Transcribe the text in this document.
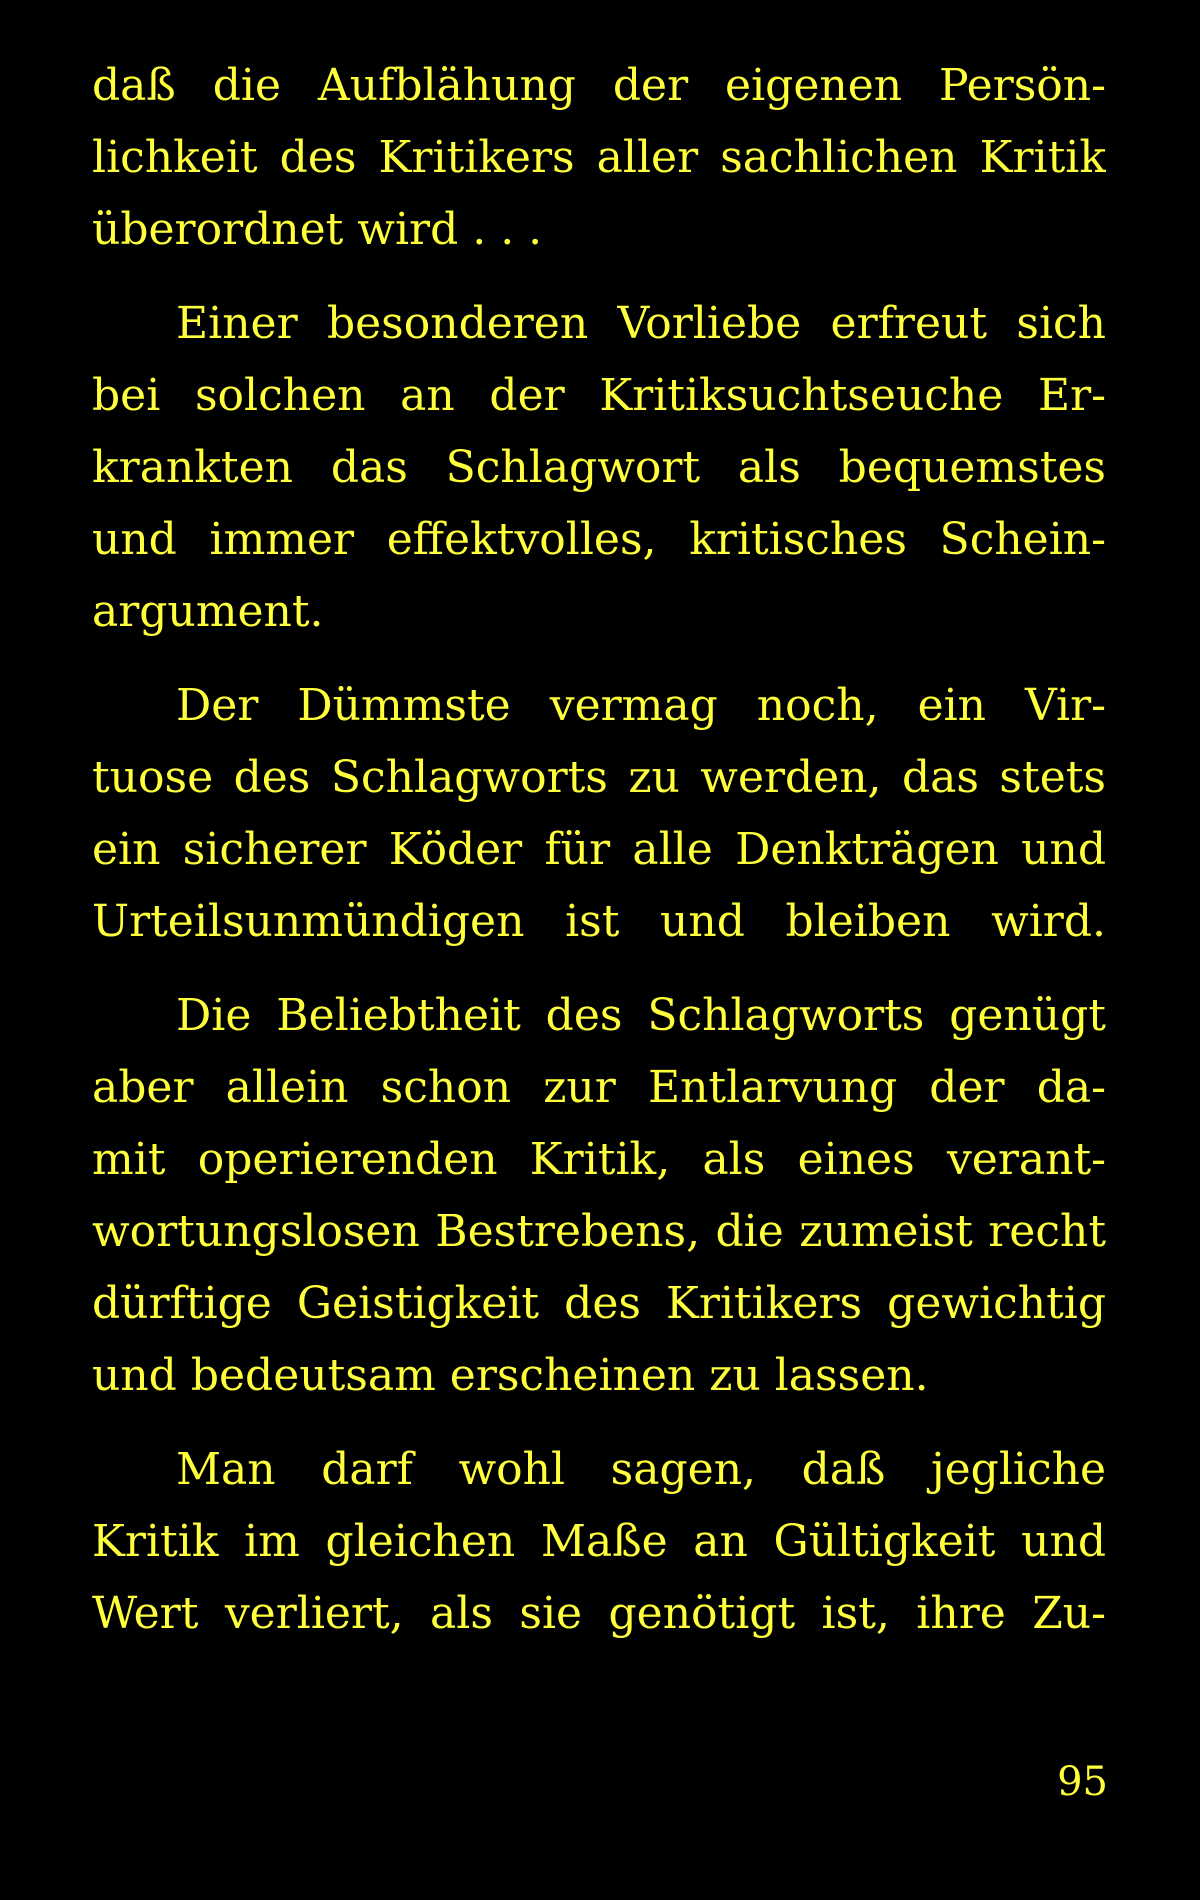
daß die Aufblähung der eigenen Persön-
lichkeit des Kritikers aller sachlichen Kritik
überordnet wird . . .
Einer besonderen Vorliebe erfreut sich
bei solchen an der Kritiksuchtseuche Er-
krankten das Schlagwort als bequemstes
und immer effektvolles, kritisches Schein-
argument.
Der Dümmste vermag noch, ein Vir-
tuose des Schlagworts zu werden, das stets
ein sicherer Köder für alle Denkträgen und
Urteilsunmündigen ist und bleiben wird.
Die Beliebtheit des Schlagworts genügt
aber allein schon zur Entlarvung der da-
mit operierenden Kritik, als eines verant-
wortungslosen Bestrebens, die zumeist recht
dürftige Geistigkeit des Kritikers gewichtig
und bedeutsam erscheinen zu lassen.
Man darf wohl sagen, daß jegliche
Kritik im gleichen Maße an Gültigkeit und
Wert verliert, als sie genötigt ist, ihre Zu-
95
